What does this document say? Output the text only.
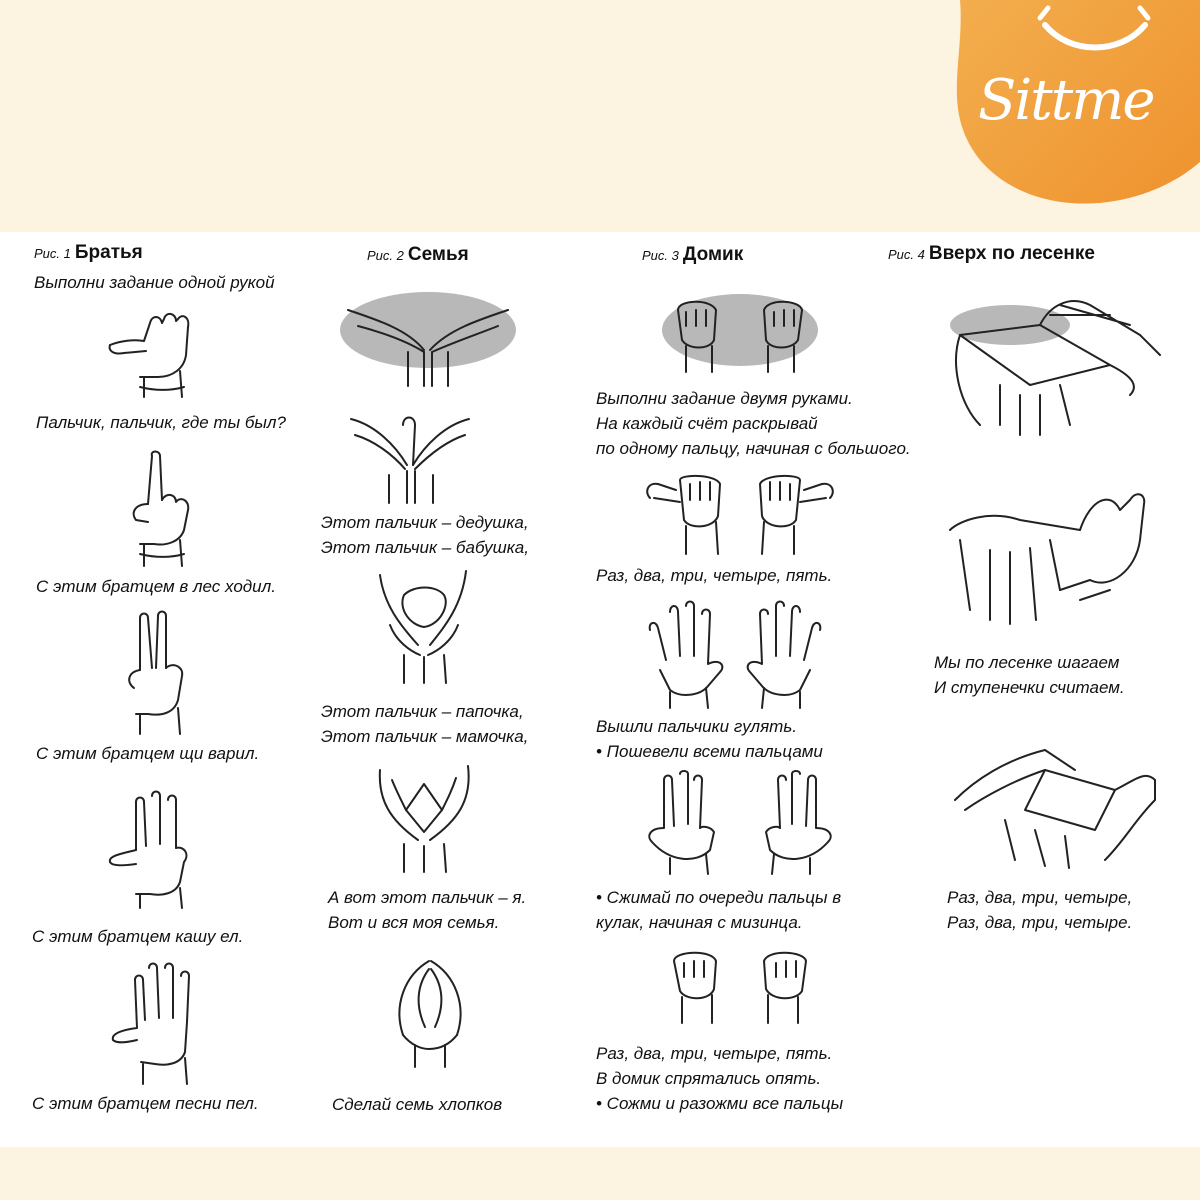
Sittme
Рис. 1 Братья	Рис. 2 Семья	Рис. 3 Домик	Рис. 4 Вверх по лесенке
Выполни задание одной рукой
Пальчик, пальчик, где ты был?
С этим братцем в лес ходил.
С этим братцем щи варил.
С этим братцем кашу ел.
С этим братцем песни пел.
Этот пальчик – дедушка,
Этот пальчик – бабушка,
Этот пальчик – папочка,
Этот пальчик – мамочка,
А вот этот пальчик – я.
Вот и вся моя семья.
Сделай семь хлопков
Выполни задание двумя руками.
На каждый счёт раскрывай
по одному пальцу, начиная с большого.
Раз, два, три, четыре, пять.
Вышли пальчики гулять.
• Пошевели всеми пальцами
• Сжимай по очереди пальцы в
кулак, начиная с мизинца.
Раз, два, три, четыре, пять.
В домик спрятались опять.
• Сожми и разожми все пальцы
Мы по лесенке шагаем
И ступенечки считаем.
Раз, два, три, четыре,
Раз, два, три, четыре.
